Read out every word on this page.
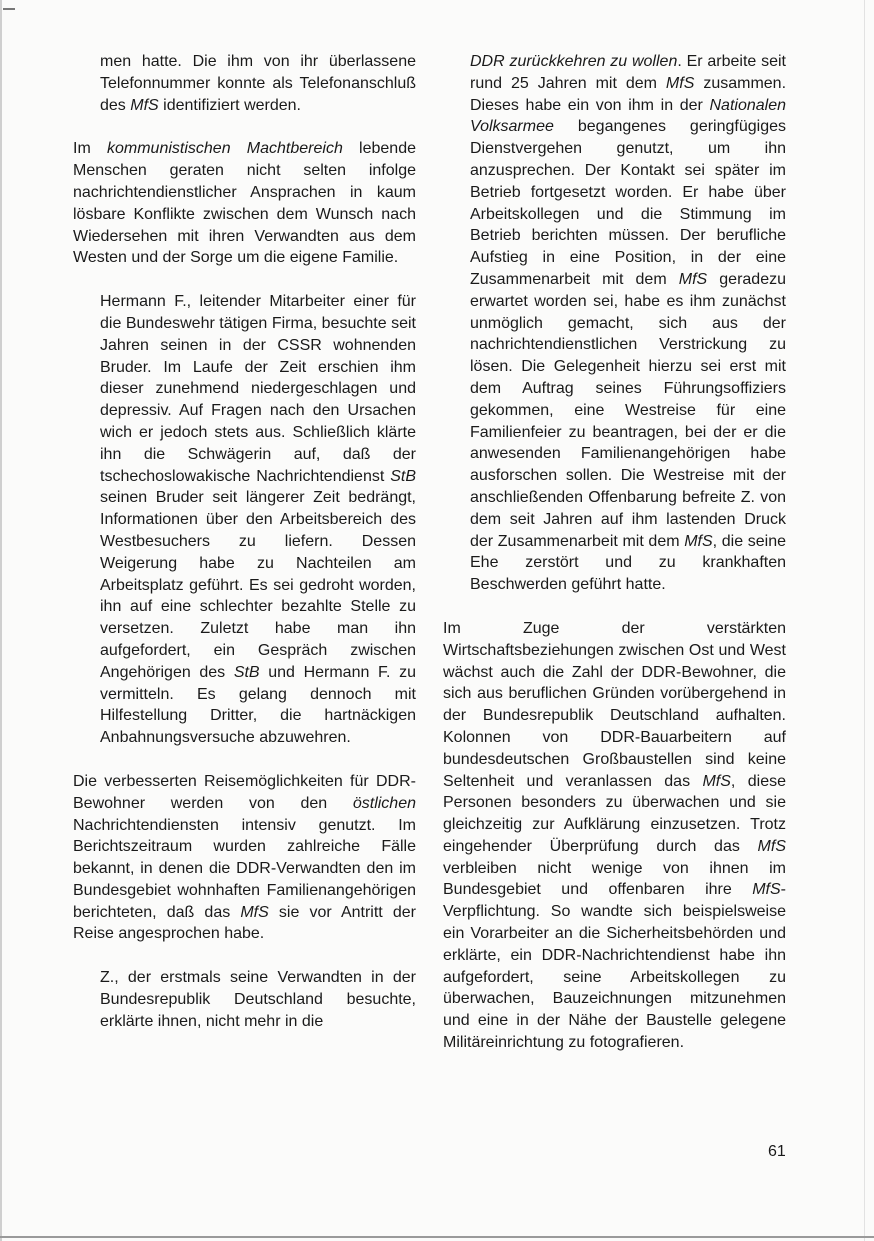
men hatte. Die ihm von ihr überlassene Telefonnummer konnte als Telefonanschluß des MfS identifiziert werden.

Im kommunistischen Machtbereich lebende Menschen geraten nicht selten infolge nachrichtendienstlicher Ansprachen in kaum lösbare Konflikte zwischen dem Wunsch nach Wiedersehen mit ihren Verwandten aus dem Westen und der Sorge um die eigene Familie.

Hermann F., leitender Mitarbeiter einer für die Bundeswehr tätigen Firma, besuchte seit Jahren seinen in der CSSR wohnenden Bruder. Im Laufe der Zeit erschien ihm dieser zunehmend niedergeschlagen und depressiv. Auf Fragen nach den Ursachen wich er jedoch stets aus. Schließlich klärte ihn die Schwägerin auf, daß der tschechoslowakische Nachrichtendienst StB seinen Bruder seit längerer Zeit bedrängt, Informationen über den Arbeitsbereich des Westbesuchers zu liefern. Dessen Weigerung habe zu Nachteilen am Arbeitsplatz geführt. Es sei gedroht worden, ihn auf eine schlechter bezahlte Stelle zu versetzen. Zuletzt habe man ihn aufgefordert, ein Gespräch zwischen Angehörigen des StB und Hermann F. zu vermitteln. Es gelang dennoch mit Hilfestellung Dritter, die hartnäckigen Anbahnungsversuche abzuwehren.

Die verbesserten Reisemöglichkeiten für DDR-Bewohner werden von den östlichen Nachrichtendiensten intensiv genutzt. Im Berichtszeitraum wurden zahlreiche Fälle bekannt, in denen die DDR-Verwandten den im Bundesgebiet wohnhaften Familienangehörigen berichteten, daß das MfS sie vor Antritt der Reise angesprochen habe.

Z., der erstmals seine Verwandten in der Bundesrepublik Deutschland besuchte, erklärte ihnen, nicht mehr in die

DDR zurückkehren zu wollen. Er arbeite seit rund 25 Jahren mit dem MfS zusammen. Dieses habe ein von ihm in der Nationalen Volksarmee begangenes geringfügiges Dienstvergehen genutzt, um ihn anzusprechen. Der Kontakt sei später im Betrieb fortgesetzt worden. Er habe über Arbeitskollegen und die Stimmung im Betrieb berichten müssen. Der berufliche Aufstieg in eine Position, in der eine Zusammenarbeit mit dem MfS geradezu erwartet worden sei, habe es ihm zunächst unmöglich gemacht, sich aus der nachrichtendienstlichen Verstrickung zu lösen. Die Gelegenheit hierzu sei erst mit dem Auftrag seines Führungsoffiziers gekommen, eine Westreise für eine Familienfeier zu beantragen, bei der er die anwesenden Familienangehörigen habe ausforschen sollen. Die Westreise mit der anschließenden Offenbarung befreite Z. von dem seit Jahren auf ihm lastenden Druck der Zusammenarbeit mit dem MfS, die seine Ehe zerstört und zu krankhaften Beschwerden geführt hatte.

Im Zuge der verstärkten Wirtschaftsbeziehungen zwischen Ost und West wächst auch die Zahl der DDR-Bewohner, die sich aus beruflichen Gründen vorübergehend in der Bundesrepublik Deutschland aufhalten. Kolonnen von DDR-Bauarbeitern auf bundesdeutschen Großbaustellen sind keine Seltenheit und veranlassen das MfS, diese Personen besonders zu überwachen und sie gleichzeitig zur Aufklärung einzusetzen. Trotz eingehender Überprüfung durch das MfS verbleiben nicht wenige von ihnen im Bundesgebiet und offenbaren ihre MfS-Verpflichtung. So wandte sich beispielsweise ein Vorarbeiter an die Sicherheitsbehörden und erklärte, ein DDR-Nachrichtendienst habe ihn aufgefordert, seine Arbeitskollegen zu überwachen, Bauzeichnungen mitzunehmen und eine in der Nähe der Baustelle gelegene Militäreinrichtung zu fotografieren.

61
